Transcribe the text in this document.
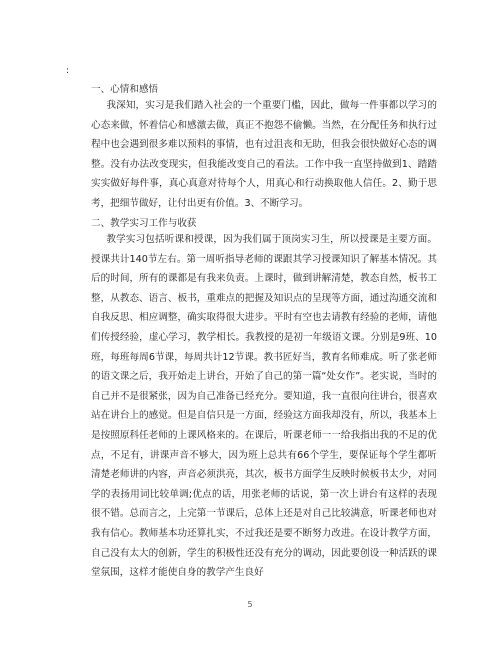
:
一、心情和感悟
我深知，实习是我们踏入社会的一个重要门槛，因此，做每一件事都以学习的心态来做，怀着信心和感激去做，真正不抱怨不偷懒。当然，在分配任务和执行过程中也会遇到很多难以预料的事情，也有过沮丧和无助，但我会很快做好心态的调整。没有办法改变现实，但我能改变自己的看法。工作中我一直坚持做到1、踏踏实实做好每件事，真心真意对待每个人，用真心和行动换取他人信任。2、勤于思考，把细节做好，让付出更有价值。3、不断学习。
二、教学实习工作与收获
教学实习包括听课和授课，因为我们属于顶岗实习生，所以授课是主要方面。授课共计140节左右。第一周听指导老师的课跟其学习授课知识了解基本情况。其后的时间，所有的课都是有我来负责。上课时，做到讲解清楚，教态自然，板书工整，从教态、语言、板书，重难点的把握及知识点的呈现等方面，通过沟通交流和自我反思、相应调整，确实取得很大进步。平时有空也去请教有经验的老师，请他们传授经验，虚心学习，教学相长。我教授的是初一年级语文课。分别是9班、10班，每班每周6节课，每周共计12节课。教书匠好当，教育名师难成。听了张老师的语文课之后，我开始走上讲台，开始了自己的第一篇“处女作”。老实说，当时的自己并不是很紧张，因为自己准备已经充分。要知道，我一直很向往讲台，很喜欢站在讲台上的感觉。但是自信只是一方面，经验这方面我却没有，所以，我基本上是按照原科任老师的上课风格来的。在课后，听课老师一一给我指出我的不足的优点，不足有，讲课声音不够大，因为班上总共有66个学生，要保证每个学生都听清楚老师讲的内容，声音必须洪亮，其次，板书方面学生反映时候板书太少，对同学的表扬用词比较单调;优点的话，用张老师的话说，第一次上讲台有这样的表现很不错。总而言之，上完第一节课后，总体上还是对自己比较满意，听课老师也对我有信心。教师基本功还算扎实，不过我还是要不断努力改进。在设计教学方面，自己没有太大的创新，学生的积极性还没有充分的调动，因此要创设一种活跃的课堂氛围，这样才能使自身的教学产生良好
5
